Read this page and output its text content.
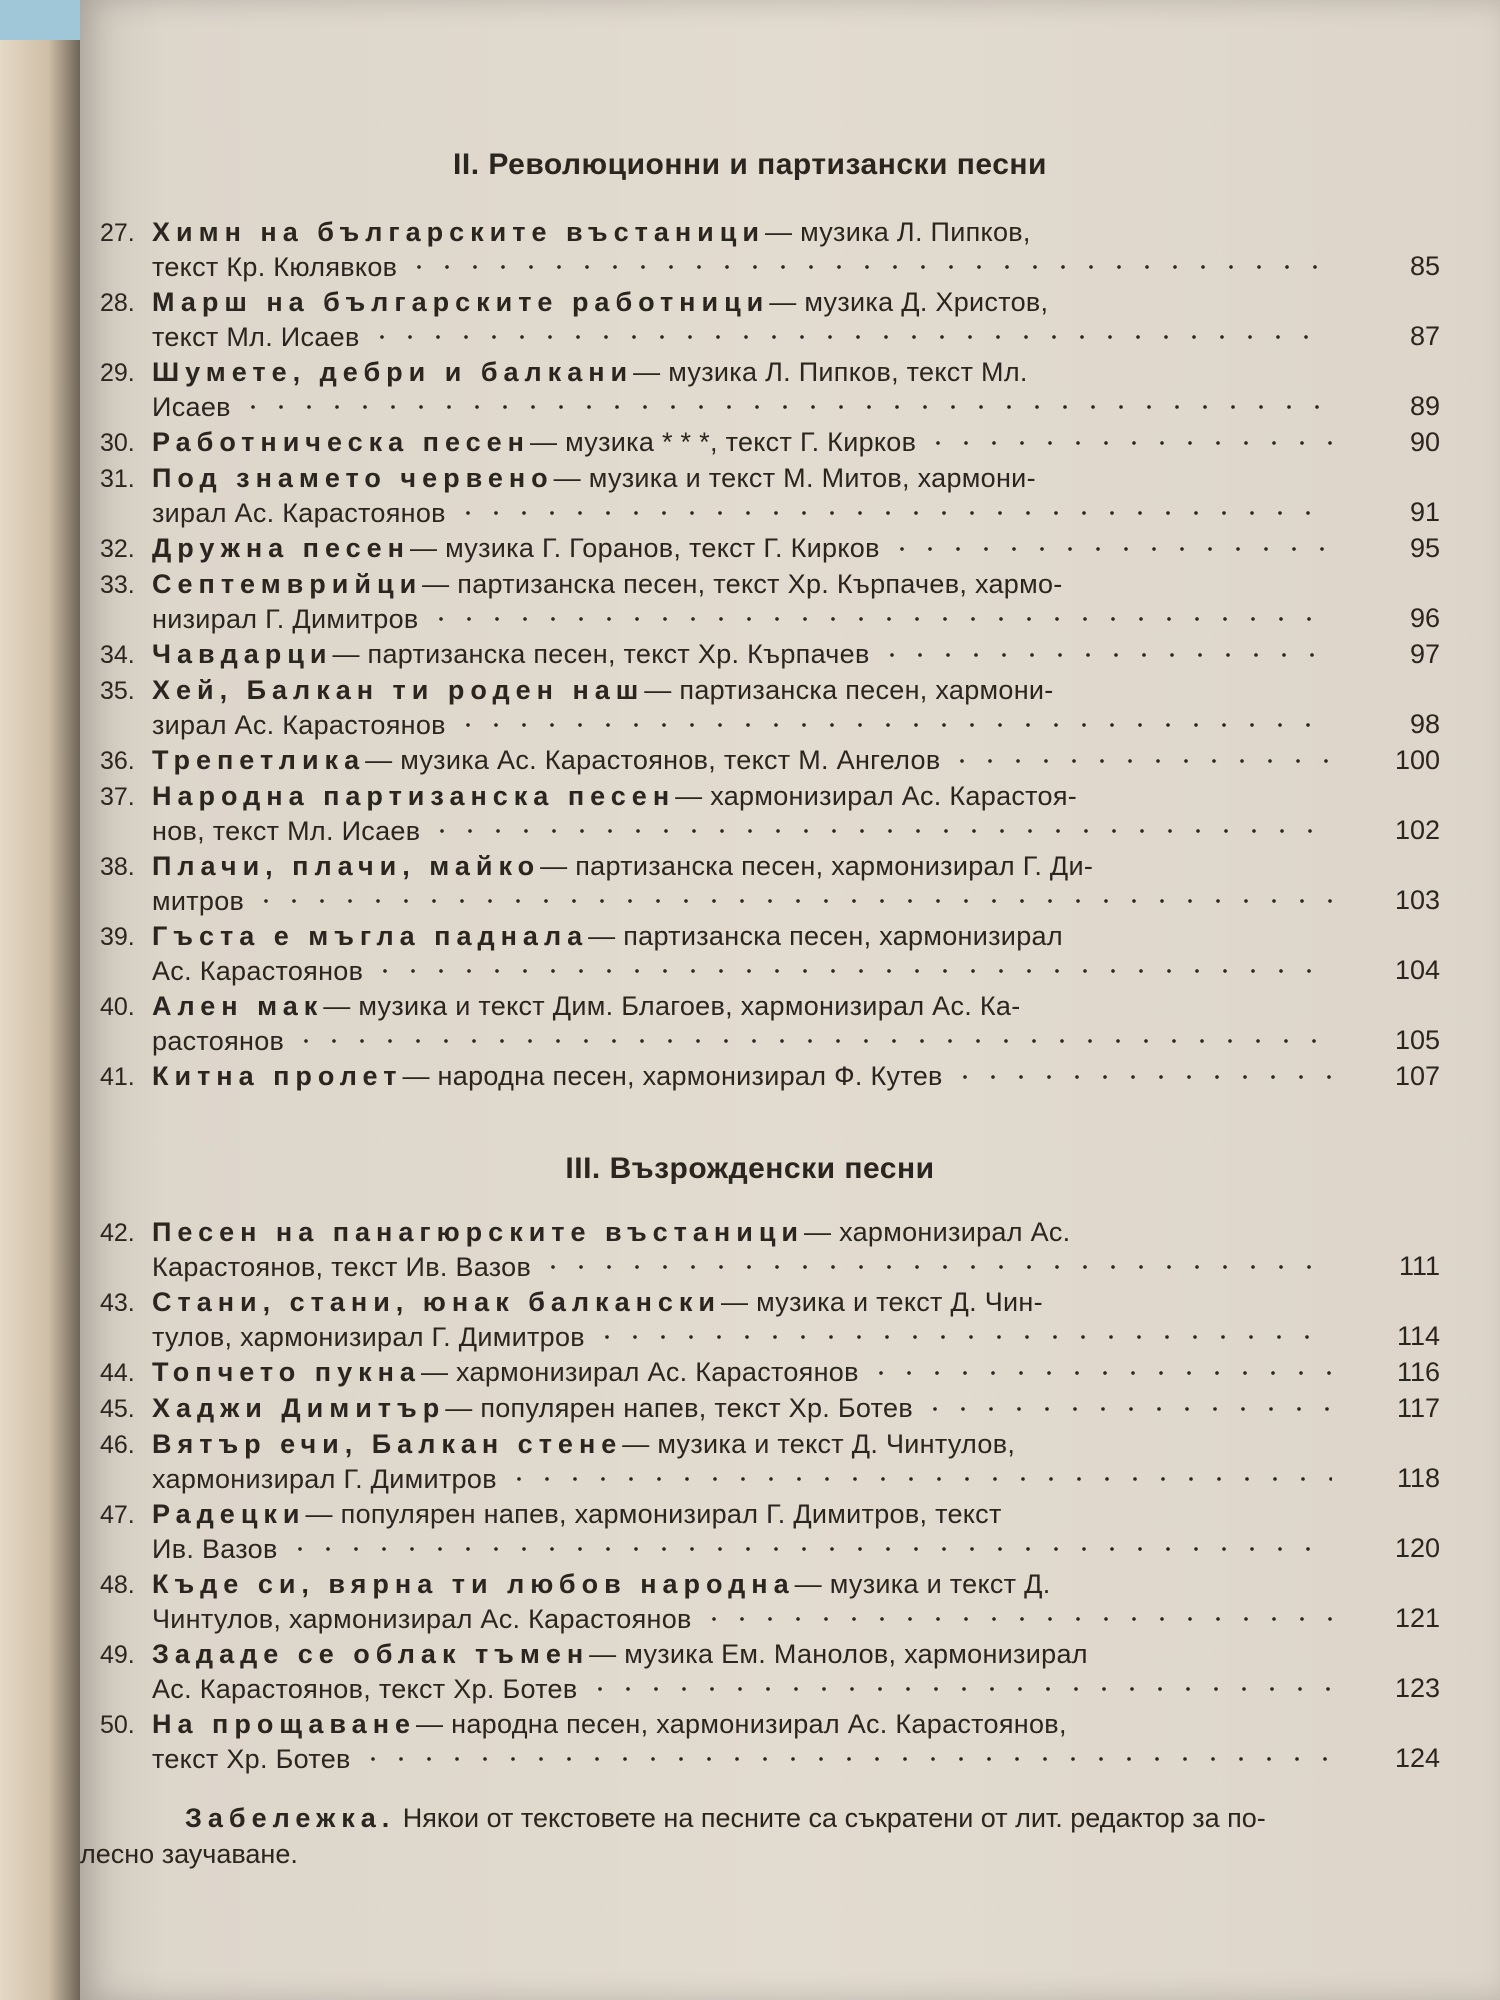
II. Революционни и партизански песни
27. Химн на българските въстаници — музика Л. Пипков,
текст Кр. Кюлявков	85
28. Марш на българските работници — музика Д. Христов,
текст Мл. Исаев	87
29. Шумете, дебри и балкани — музика Л. Пипков, текст Мл.
Исаев	89
30. Работническа песен — музика * * *, текст Г. Кирков	90
31. Под знамето червено — музика и текст М. Митов, хармони-
зирал Ас. Карастоянов	91
32. Дружна песен — музика Г. Горанов, текст Г. Кирков	95
33. Септемврийци — партизанска песен, текст Хр. Кърпачев, хармо-
низирал Г. Димитров	96
34. Чавдарци — партизанска песен, текст Хр. Кърпачев	97
35. Хей, Балкан ти роден наш — партизанска песен, хармони-
зирал Ас. Карастоянов	98
36. Трепетлика — музика Ас. Карастоянов, текст М. Ангелов	100
37. Народна партизанска песен — хармонизирал Ас. Карастоя-
нов, текст Мл. Исаев	102
38. Плачи, плачи, майко — партизанска песен, хармонизирал Г. Ди-
митров	103
39. Гъста е мъгла паднала — партизанска песен, хармонизирал
Ас. Карастоянов	104
40. Ален мак — музика и текст Дим. Благоев, хармонизирал Ас. Ка-
растоянов	105
41. Китна пролет — народна песен, хармонизирал Ф. Кутев	107
III. Възрожденски песни
42. Песен на панагюрските въстаници — хармонизирал Ас.
Карастоянов, текст Ив. Вазов	111
43. Стани, стани, юнак балкански — музика и текст Д. Чин-
тулов, хармонизирал Г. Димитров	114
44. Топчето пукна — хармонизирал Ас. Карастоянов	116
45. Хаджи Димитър — популярен напев, текст Хр. Ботев	117
46. Вятър ечи, Балкан стене — музика и текст Д. Чинтулов,
хармонизирал Г. Димитров	118
47. Радецки — популярен напев, хармонизирал Г. Димитров, текст
Ив. Вазов	120
48. Къде си, вярна ти любов народна — музика и текст Д.
Чинтулов, хармонизирал Ас. Карастоянов	121
49. Зададе се облак тъмен — музика Ем. Манолов, хармонизирал
Ас. Карастоянов, текст Хр. Ботев	123
50. На прощаване — народна песен, хармонизирал Ас. Карастоянов,
текст Хр. Ботев	124
Забележка. Някои от текстовете на песните са съкратени от лит. редактор за по-лесно заучаване.
